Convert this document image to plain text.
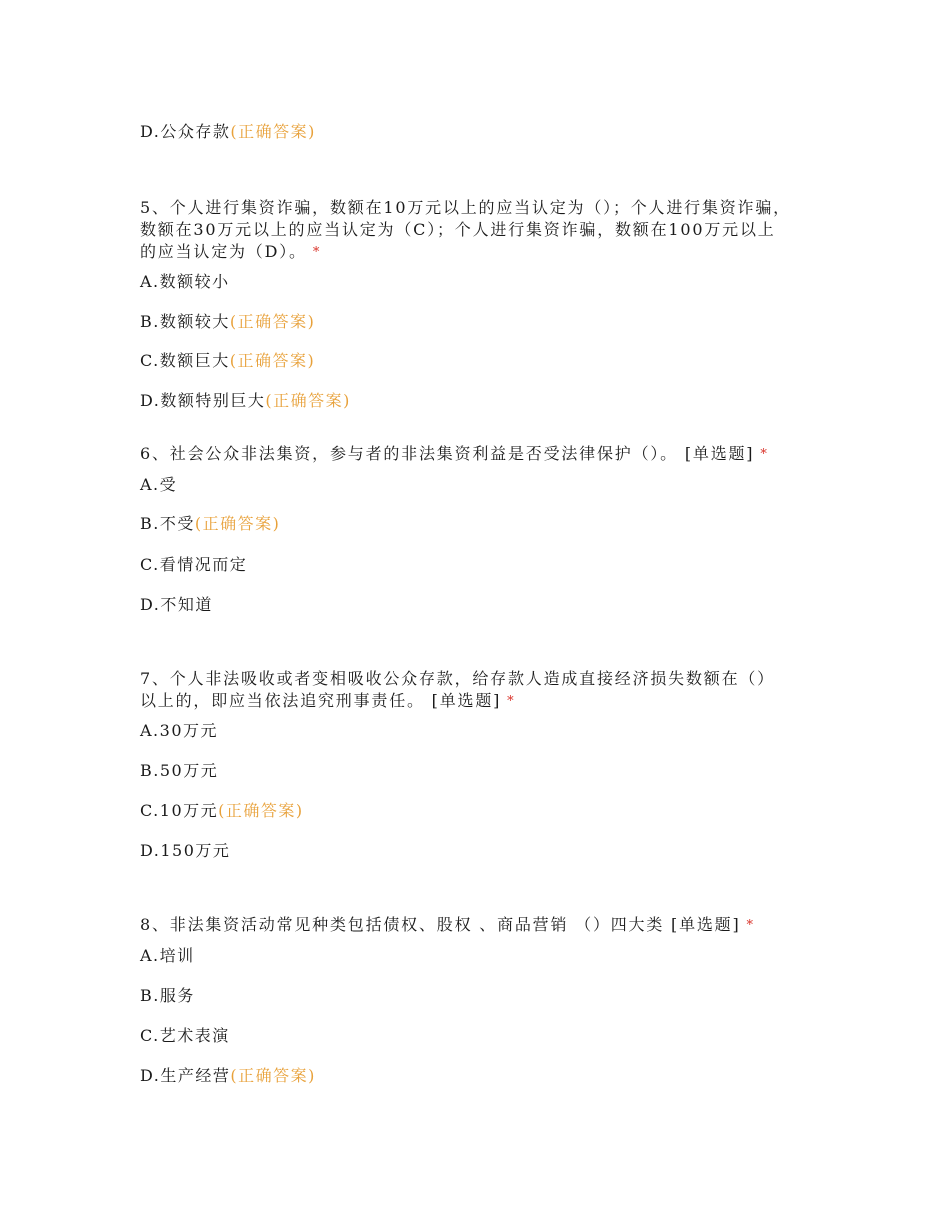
D.公众存款(正确答案)
5、个人进行集资诈骗，数额在10万元以上的应当认定为（）；个人进行集资诈骗，
数额在30万元以上的应当认定为（C）；个人进行集资诈骗，数额在100万元以上
的应当认定为（D）。 *
A.数额较小
B.数额较大(正确答案)
C.数额巨大(正确答案)
D.数额特别巨大(正确答案)
6、社会公众非法集资，参与者的非法集资利益是否受法律保护（）。 [单选题] *
A.受
B.不受(正确答案)
C.看情况而定
D.不知道
7、个人非法吸收或者变相吸收公众存款，给存款人造成直接经济损失数额在（）
以上的，即应当依法追究刑事责任。 [单选题] *
A.30万元
B.50万元
C.10万元(正确答案)
D.150万元
8、非法集资活动常见种类包括债权、股权 、商品营销 （）四大类 [单选题] *
A.培训
B.服务
C.艺术表演
D.生产经营(正确答案)
